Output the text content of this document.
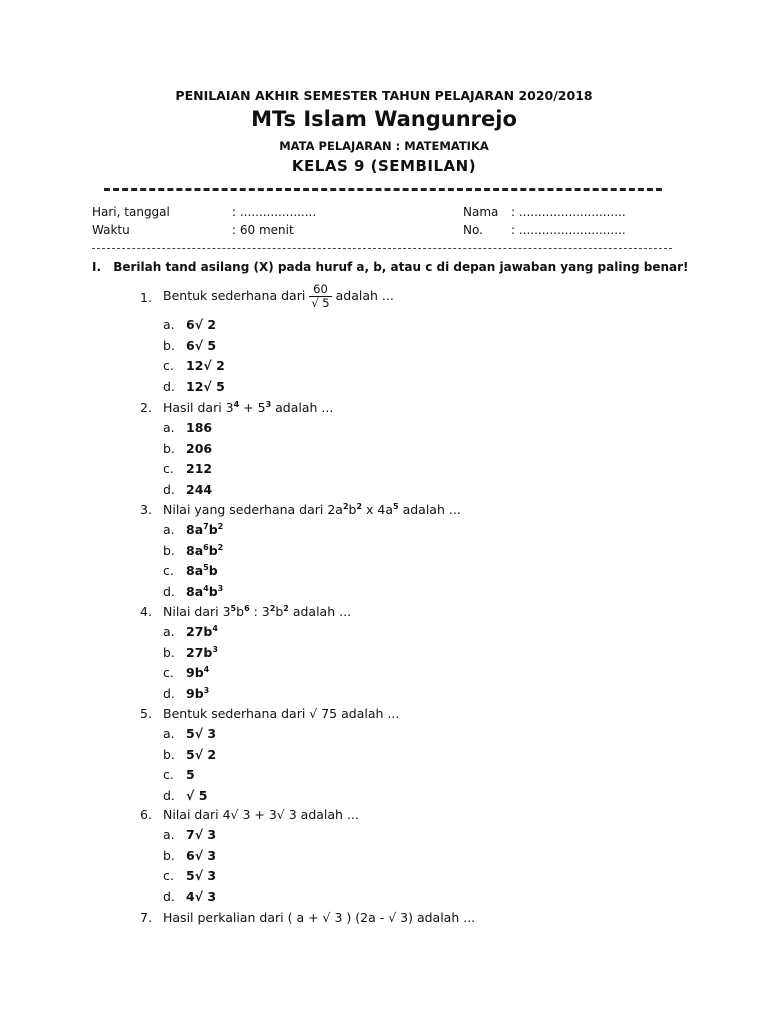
PENILAIAN AKHIR SEMESTER TAHUN PELAJARAN 2020/2018
MTs Islam Wangunrejo
MATA PELAJARAN : MATEMATIKA
KELAS 9 (SEMBILAN)
Hari, tanggal	: ....................	Nama : ............................
Waktu	: 60 menit	No. : ............................
I. Berilah tand asilang (X) pada huruf a, b, atau c di depan jawaban yang paling benar!
1. Bentuk sederhana dari $\frac{60}{√ 5}$ adalah ...
a. 6√ 2
b. 6√ 5
c. 12√ 2
d. 12√ 5
2. Hasil dari $3^4 + 5^3$ adalah ...
a. 186
b. 206
c. 212
d. 244
3. Nilai yang sederhana dari $2a^2b^2$ x $4a^5$ adalah ...
a. $8a^7b^2$
b. $8a^6b^2$
c. $8a^5b$
d. $8a^4b^3$
4. Nilai dari $3^5b^6$ : $3^2b^2$ adalah ...
a. $27b^4$
b. $27b^3$
c. $9b^4$
d. $9b^3$
5. Bentuk sederhana dari √ 75 adalah ...
a. 5√ 3
b. 5√ 2
c. 5
d. √ 5
6. Nilai dari 4√ 3 + 3√ 3 adalah ...
a. 7√ 3
b. 6√ 3
c. 5√ 3
d. 4√ 3
7. Hasil perkalian dari ( a + √ 3 ) (2a - √ 3) adalah ...
